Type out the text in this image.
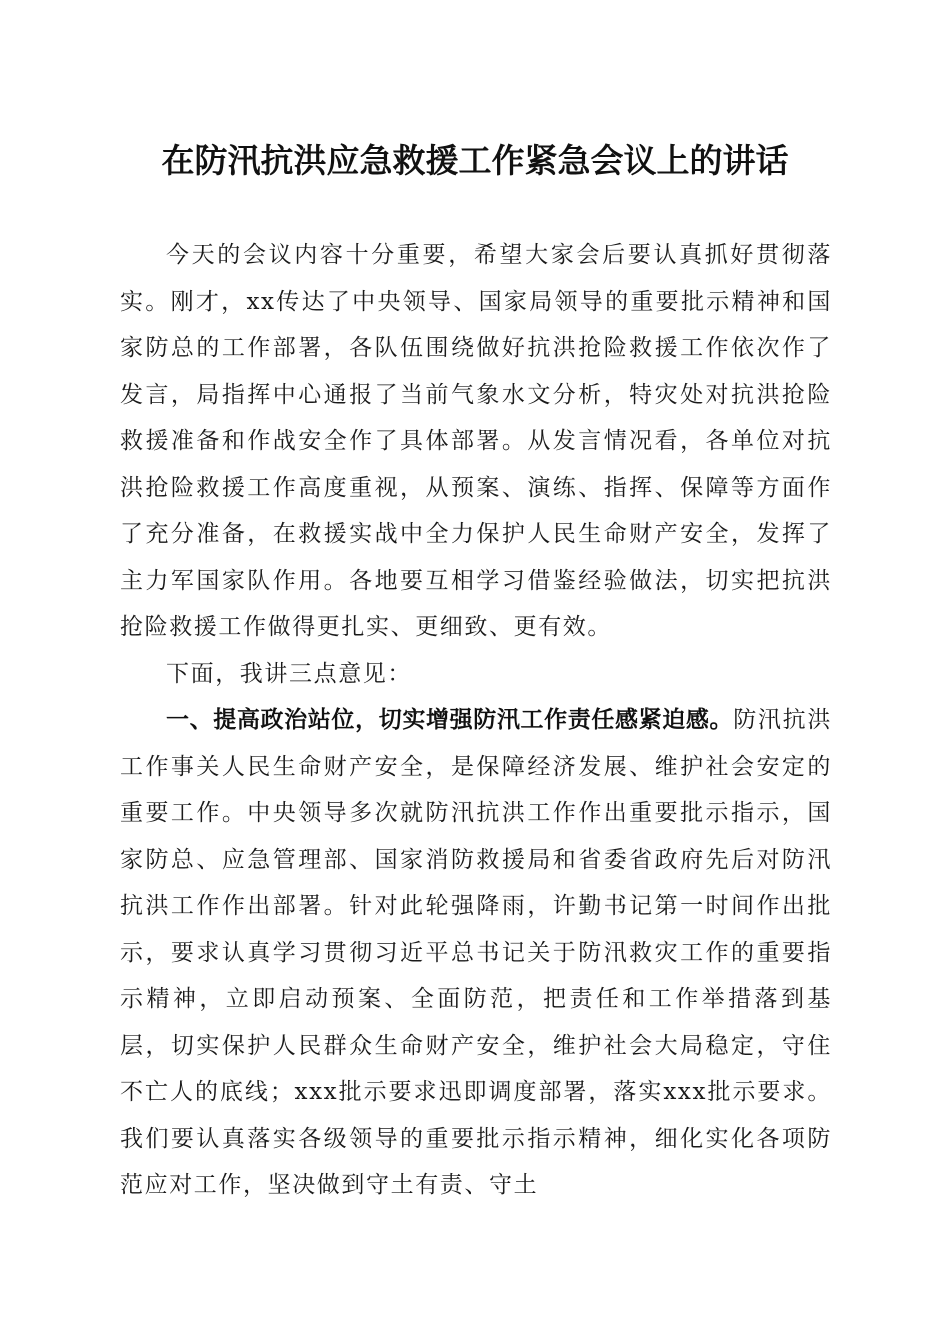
在防汛抗洪应急救援工作紧急会议上的讲话

今天的会议内容十分重要，希望大家会后要认真抓好贯彻落实。刚才，xx传达了中央领导、国家局领导的重要批示精神和国家防总的工作部署，各队伍围绕做好抗洪抢险救援工作依次作了发言，局指挥中心通报了当前气象水文分析，特灾处对抗洪抢险救援准备和作战安全作了具体部署。从发言情况看，各单位对抗洪抢险救援工作高度重视，从预案、演练、指挥、保障等方面作了充分准备，在救援实战中全力保护人民生命财产安全，发挥了主力军国家队作用。各地要互相学习借鉴经验做法，切实把抗洪抢险救援工作做得更扎实、更细致、更有效。

下面，我讲三点意见：

一、提高政治站位，切实增强防汛工作责任感紧迫感。防汛抗洪工作事关人民生命财产安全，是保障经济发展、维护社会安定的重要工作。中央领导多次就防汛抗洪工作作出重要批示指示，国家防总、应急管理部、国家消防救援局和省委省政府先后对防汛抗洪工作作出部署。针对此轮强降雨，许勤书记第一时间作出批示，要求认真学习贯彻习近平总书记关于防汛救灾工作的重要指示精神，立即启动预案、全面防范，把责任和工作举措落到基层，切实保护人民群众生命财产安全，维护社会大局稳定，守住不亡人的底线；xxx批示要求迅即调度部署，落实xxx批示要求。我们要认真落实各级领导的重要批示指示精神，细化实化各项防范应对工作，坚决做到守土有责、守土
